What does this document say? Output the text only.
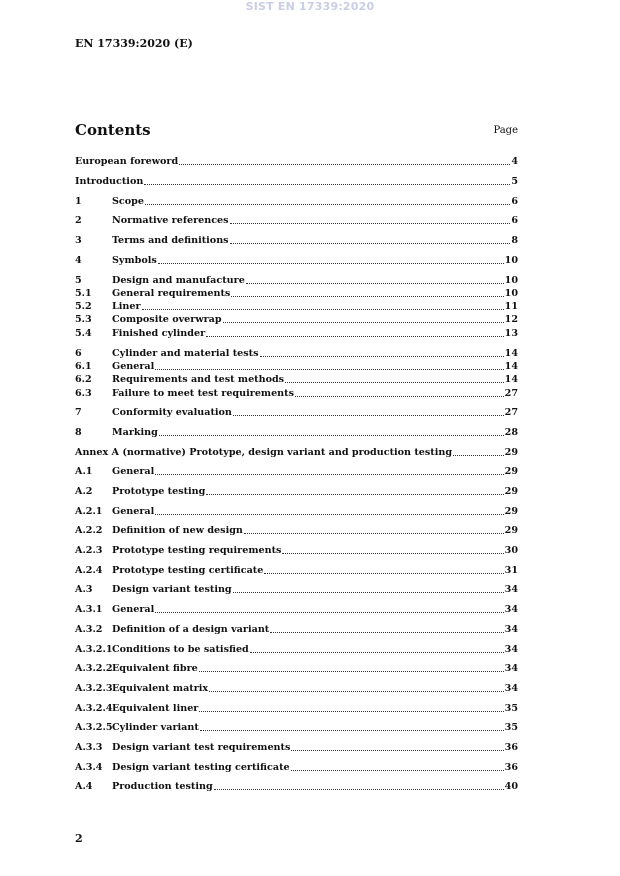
SIST EN 17339:2020
EN 17339:2020 (E)
Contents	Page
European foreword	4
Introduction	5
1	Scope	6
2	Normative references	6
3	Terms and definitions	8
4	Symbols	10
5	Design and manufacture	10
5.1	General requirements	10
5.2	Liner	11
5.3	Composite overwrap	12
5.4	Finished cylinder	13
6	Cylinder and material tests	14
6.1	General	14
6.2	Requirements and test methods	14
6.3	Failure to meet test requirements	27
7	Conformity evaluation	27
8	Marking	28
Annex A (normative) Prototype, design variant and production testing	29
A.1	General	29
A.2	Prototype testing	29
A.2.1 General	29
A.2.2 Definition of new design	29
A.2.3 Prototype testing requirements	30
A.2.4 Prototype testing certificate	31
A.3	Design variant testing	34
A.3.1 General	34
A.3.2 Definition of a design variant	34
A.3.2.1 Conditions to be satisfied	34
A.3.2.2 Equivalent fibre	34
A.3.2.3 Equivalent matrix	34
A.3.2.4 Equivalent liner	35
A.3.2.5 Cylinder variant	35
A.3.3 Design variant test requirements	36
A.3.4 Design variant testing certificate	36
A.4	Production testing	40
2
